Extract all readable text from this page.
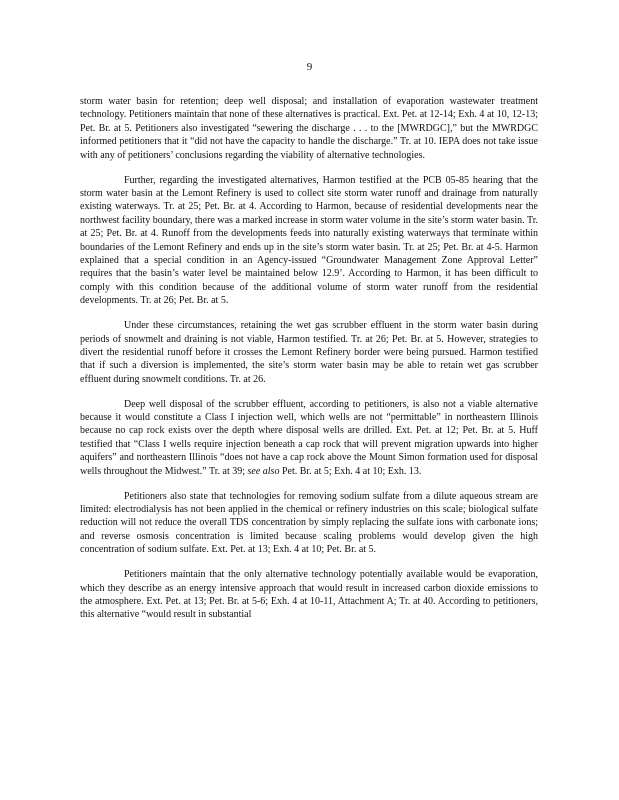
9

storm water basin for retention; deep well disposal; and installation of evaporation wastewater treatment technology. Petitioners maintain that none of these alternatives is practical. Ext. Pet. at 12-14; Exh. 4 at 10, 12-13; Pet. Br. at 5. Petitioners also investigated “sewering the discharge . . . to the [MWRDGC],” but the MWRDGC informed petitioners that it “did not have the capacity to handle the discharge.” Tr. at 10. IEPA does not take issue with any of petitioners’ conclusions regarding the viability of alternative technologies.

Further, regarding the investigated alternatives, Harmon testified at the PCB 05-85 hearing that the storm water basin at the Lemont Refinery is used to collect site storm water runoff and drainage from naturally existing waterways. Tr. at 25; Pet. Br. at 4. According to Harmon, because of residential developments near the northwest facility boundary, there was a marked increase in storm water volume in the site’s storm water basin. Tr. at 25; Pet. Br. at 4. Runoff from the developments feeds into naturally existing waterways that terminate within boundaries of the Lemont Refinery and ends up in the site’s storm water basin. Tr. at 25; Pet. Br. at 4-5. Harmon explained that a special condition in an Agency-issued “Groundwater Management Zone Approval Letter” requires that the basin’s water level be maintained below 12.9’. According to Harmon, it has been difficult to comply with this condition because of the additional volume of storm water runoff from the residential developments. Tr. at 26; Pet. Br. at 5.

Under these circumstances, retaining the wet gas scrubber effluent in the storm water basin during periods of snowmelt and draining is not viable, Harmon testified. Tr. at 26; Pet. Br. at 5. However, strategies to divert the residential runoff before it crosses the Lemont Refinery border were being pursued. Harmon testified that if such a diversion is implemented, the site’s storm water basin may be able to retain wet gas scrubber effluent during snowmelt conditions. Tr. at 26.

Deep well disposal of the scrubber effluent, according to petitioners, is also not a viable alternative because it would constitute a Class I injection well, which wells are not “permittable” in northeastern Illinois because no cap rock exists over the depth where disposal wells are drilled. Ext. Pet. at 12; Pet. Br. at 5. Huff testified that “Class I wells require injection beneath a cap rock that will prevent migration upwards into higher aquifers” and northeastern Illinois “does not have a cap rock above the Mount Simon formation used for disposal wells throughout the Midwest.” Tr. at 39; see also Pet. Br. at 5; Exh. 4 at 10; Exh. 13.

Petitioners also state that technologies for removing sodium sulfate from a dilute aqueous stream are limited: electrodialysis has not been applied in the chemical or refinery industries on this scale; biological sulfate reduction will not reduce the overall TDS concentration by simply replacing the sulfate ions with carbonate ions; and reverse osmosis concentration is limited because scaling problems would develop given the high concentration of sodium sulfate. Ext. Pet. at 13; Exh. 4 at 10; Pet. Br. at 5.

Petitioners maintain that the only alternative technology potentially available would be evaporation, which they describe as an energy intensive approach that would result in increased carbon dioxide emissions to the atmosphere. Ext. Pet. at 13; Pet. Br. at 5-6; Exh. 4 at 10-11, Attachment A; Tr. at 40. According to petitioners, this alternative “would result in substantial
